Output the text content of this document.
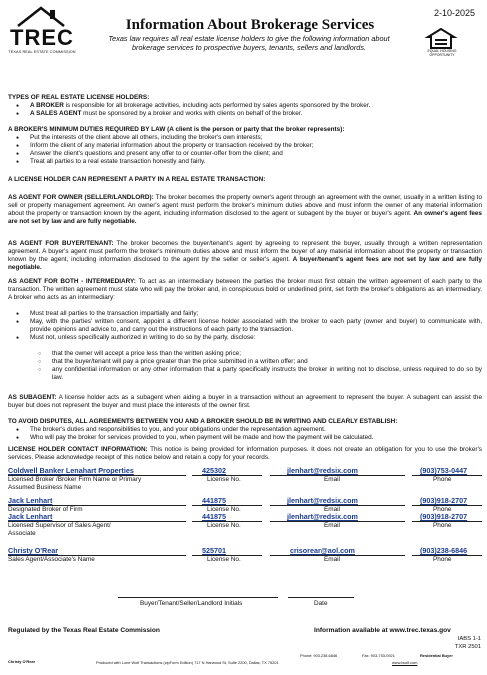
TREC
TEXAS REAL ESTATE COMMISSION
2-10-2025
Information About Brokerage Services
Texas law requires all real estate license holders to give the following information about brokerage services to prospective buyers, tenants, sellers and landlords.	EQUAL HOUSING OPPORTUNITY
TYPES OF REAL ESTATE LICENSE HOLDERS:
● A BROKER is responsible for all brokerage activities, including acts performed by sales agents sponsored by the broker.
● A SALES AGENT must be sponsored by a broker and works with clients on behalf of the broker.
A BROKER'S MINIMUM DUTIES REQUIRED BY LAW (A client is the person or party that the broker represents):
● Put the interests of the client above all others, including the broker's own interests;
● Inform the client of any material information about the property or transaction received by the broker;
● Answer the client's questions and present any offer to or counter-offer from the client; and
● Treat all parties to a real estate transaction honestly and fairly.
A LICENSE HOLDER CAN REPRESENT A PARTY IN A REAL ESTATE TRANSACTION:
AS AGENT FOR OWNER (SELLER/LANDLORD): The broker becomes the property owner's agent through an agreement with the owner, usually in a written listing to sell or property management agreement. An owner's agent must perform the broker's minimum duties above and must inform the owner of any material information about the property or transaction known by the agent, including information disclosed to the agent or subagent by the buyer or buyer's agent. An owner's agent fees are not set by law and are fully negotiable.
AS AGENT FOR BUYER/TENANT: The broker becomes the buyer/tenant's agent by agreeing to represent the buyer, usually through a written representation agreement. A buyer's agent must perform the broker's minimum duties above and must inform the buyer of any material information about the property or transaction known by the agent, including information disclosed to the agent by the seller or seller's agent. A buyer/tenant's agent fees are not set by law and are fully negotiable.
AS AGENT FOR BOTH - INTERMEDIARY: To act as an intermediary between the parties the broker must first obtain the written agreement of each party to the transaction. The written agreement must state who will pay the broker and, in conspicuous bold or underlined print, set forth the broker's obligations as an intermediary. A broker who acts as an intermediary:
● Must treat all parties to the transaction impartially and fairly;
● May, with the parties' written consent, appoint a different license holder associated with the broker to each party (owner and buyer) to communicate with, provide opinions and advice to, and carry out the instructions of each party to the transaction.
● Must not, unless specifically authorized in writing to do so by the party, disclose:
○ that the owner will accept a price less than the written asking price;
○ that the buyer/tenant will pay a price greater than the price submitted in a written offer; and
○ any confidential information or any other information that a party specifically instructs the broker in writing not to disclose, unless required to do so by law.
AS SUBAGENT: A license holder acts as a subagent when aiding a buyer in a transaction without an agreement to represent the buyer. A subagent can assist the buyer but does not represent the buyer and must place the interests of the owner first.
TO AVOID DISPUTES, ALL AGREEMENTS BETWEEN YOU AND A BROKER SHOULD BE IN WRITING AND CLEARLY ESTABLISH:
● The broker's duties and responsibilities to you, and your obligations under the representation agreement.
● Who will pay the broker for services provided to you, when payment will be made and how the payment will be calculated.
LICENSE HOLDER CONTACT INFORMATION: This notice is being provided for information purposes. It does not create an obligation for you to use the broker's services. Please acknowledge receipt of this notice below and retain a copy for your records.
Coldwell Banker Lenahart Properties	425302	jlenhart@redsix.com	(903)753-0447
Licensed Broker /Broker Firm Name or Primary Assumed Business Name
License No.	Email	Phone
Jack Lenhart	441875	jlenhart@redsix.com	(903)918-2707
Designated Broker of Firm	License No.	Email	Phone
Jack Lenhart	441875	jlenhart@redsix.com	(903)918-2707
Licensed Supervisor of Sales Agent/ Associate
License No.	Email	Phone
Christy O'Rear	525701	crisorear@aol.com	(903)238-6846
Sales Agent/Associate's Name	License No.	Email	Phone
Buyer/Tenant/Seller/Landlord Initials	Date
Regulated by the Texas Real Estate Commission	Information available at www.trec.texas.gov
IABS 1-1
TXR 2501
Christy O'Rear
Phone: 903.238.6846	Fax: 903-753-0921	Residential Buyer
Produced with Lone Wolf Transactions (zipForm Edition) 717 N Harwood St, Suite 2200, Dallas, TX 75201	www.lwolf.com
